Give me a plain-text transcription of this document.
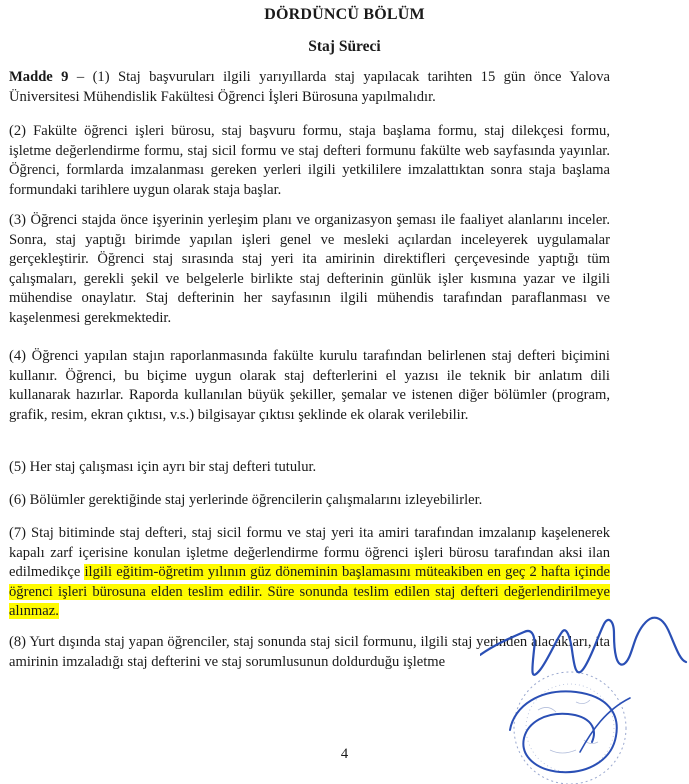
DÖRDÜNCÜ BÖLÜM
Staj Süreci

Madde 9 – (1) Staj başvuruları ilgili yarıyıllarda staj yapılacak tarihten 15 gün önce Yalova Üniversitesi Mühendislik Fakültesi Öğrenci İşleri Bürosuna yapılmalıdır.

(2) Fakülte öğrenci işleri bürosu, staj başvuru formu, staja başlama formu, staj dilekçesi formu, işletme değerlendirme formu, staj sicil formu ve staj defteri formunu fakülte web sayfasında yayınlar. Öğrenci, formlarda imzalanması gereken yerleri ilgili yetkililere imzalattıktan sonra staja başlama formundaki tarihlere uygun olarak staja başlar.

(3) Öğrenci stajda önce işyerinin yerleşim planı ve organizasyon şeması ile faaliyet alanlarını inceler. Sonra, staj yaptığı birimde yapılan işleri genel ve mesleki açılardan inceleyerek uygulamalar gerçekleştirir. Öğrenci staj sırasında staj yeri ita amirinin direktifleri çerçevesinde yaptığı tüm çalışmaları, gerekli şekil ve belgelerle birlikte staj defterinin günlük işler kısmına yazar ve ilgili mühendise onaylatır. Staj defterinin her sayfasının ilgili mühendis tarafından paraflanması ve kaşelenmesi gerekmektedir.

(4) Öğrenci yapılan stajın raporlanmasında fakülte kurulu tarafından belirlenen staj defteri biçimini kullanır. Öğrenci, bu biçime uygun olarak staj defterlerini el yazısı ile teknik bir anlatım dili kullanarak hazırlar. Raporda kullanılan büyük şekiller, şemalar ve istenen diğer bölümler (program, grafik, resim, ekran çıktısı, v.s.) bilgisayar çıktısı şeklinde ek olarak verilebilir.

(5) Her staj çalışması için ayrı bir staj defteri tutulur.

(6) Bölümler gerektiğinde staj yerlerinde öğrencilerin çalışmalarını izleyebilirler.

(7) Staj bitiminde staj defteri, staj sicil formu ve staj yeri ita amiri tarafından imzalanıp kaşelenerek kapalı zarf içerisine konulan işletme değerlendirme formu öğrenci işleri bürosu tarafından aksi ilan edilmedikçe ilgili eğitim-öğretim yılının güz döneminin başlamasını müteakiben en geç 2 hafta içinde öğrenci işleri bürosuna elden teslim edilir. Süre sonunda teslim edilen staj defteri değerlendirilmeye alınmaz.

(8) Yurt dışında staj yapan öğrenciler, staj sonunda staj sicil formunu, ilgili staj yerinden alacakları, ita amirinin imzaladığı staj defterini ve staj sorumlusunun doldurduğu işletme

4
